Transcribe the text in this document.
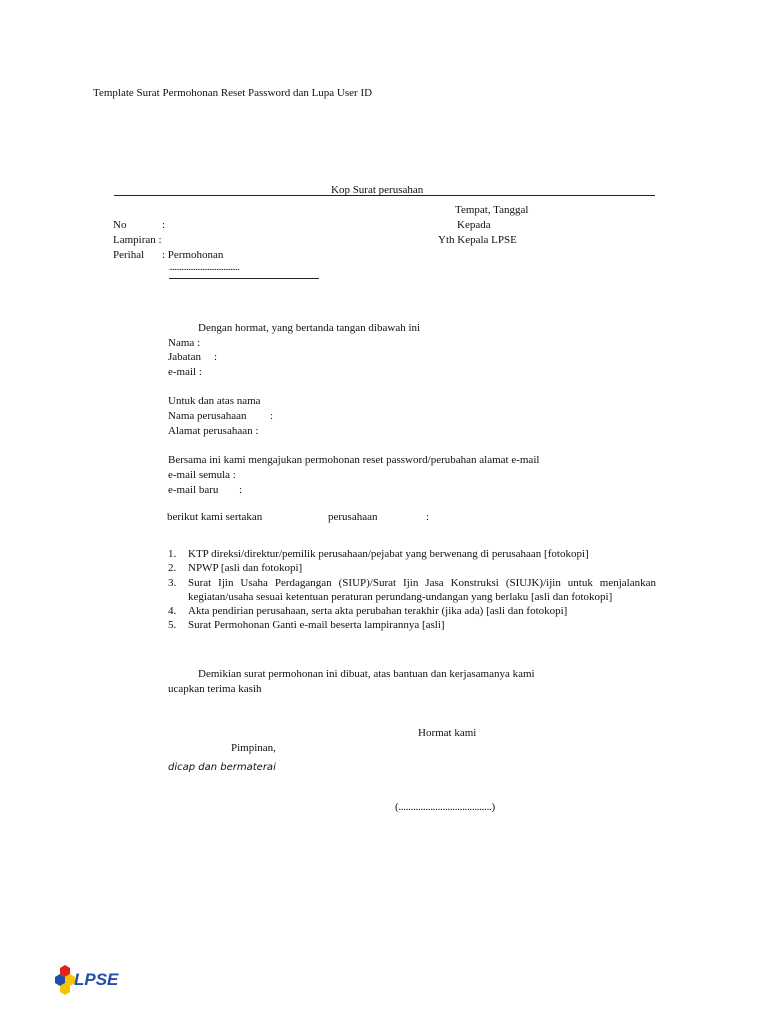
Template Surat Permohonan Reset Password dan Lupa User ID
Kop Surat perusahan
Tempat, Tanggal
Kepada
Yth Kepala LPSE
No	:
Lampiran :
Perihal : Permohonan
........................................
Dengan hormat, yang bertanda tangan dibawah ini
Nama :
Jabatan :
e-mail :
Untuk dan atas nama
Nama perusahaan :
Alamat perusahaan :
Bersama ini kami mengajukan permohonan reset password/perubahan alamat e-mail
e-mail semula :
e-mail baru :
berikut kami sertakan	perusahaan	:
1. KTP direksi/direktur/pemilik perusahaan/pejabat yang berwenang di perusahaan [fotokopi]
2. NPWP [asli dan fotokopi]
3. Surat Ijin Usaha Perdagangan (SIUP)/Surat Ijin Jasa Konstruksi (SIUJK)/ijin untuk menjalankan kegiatan/usaha sesuai ketentuan peraturan perundang-undangan yang berlaku [asli dan fotokopi]
4. Akta pendirian perusahaan, serta akta perubahan terakhir (jika ada) [asli dan fotokopi]
5. Surat Permohonan Ganti e-mail beserta lampirannya [asli]
Demikian surat permohonan ini dibuat, atas bantuan dan kerjasamanya kami
ucapkan terima kasih
Hormat kami
Pimpinan,
dicap dan bermaterai
(......................................)
LPSE
